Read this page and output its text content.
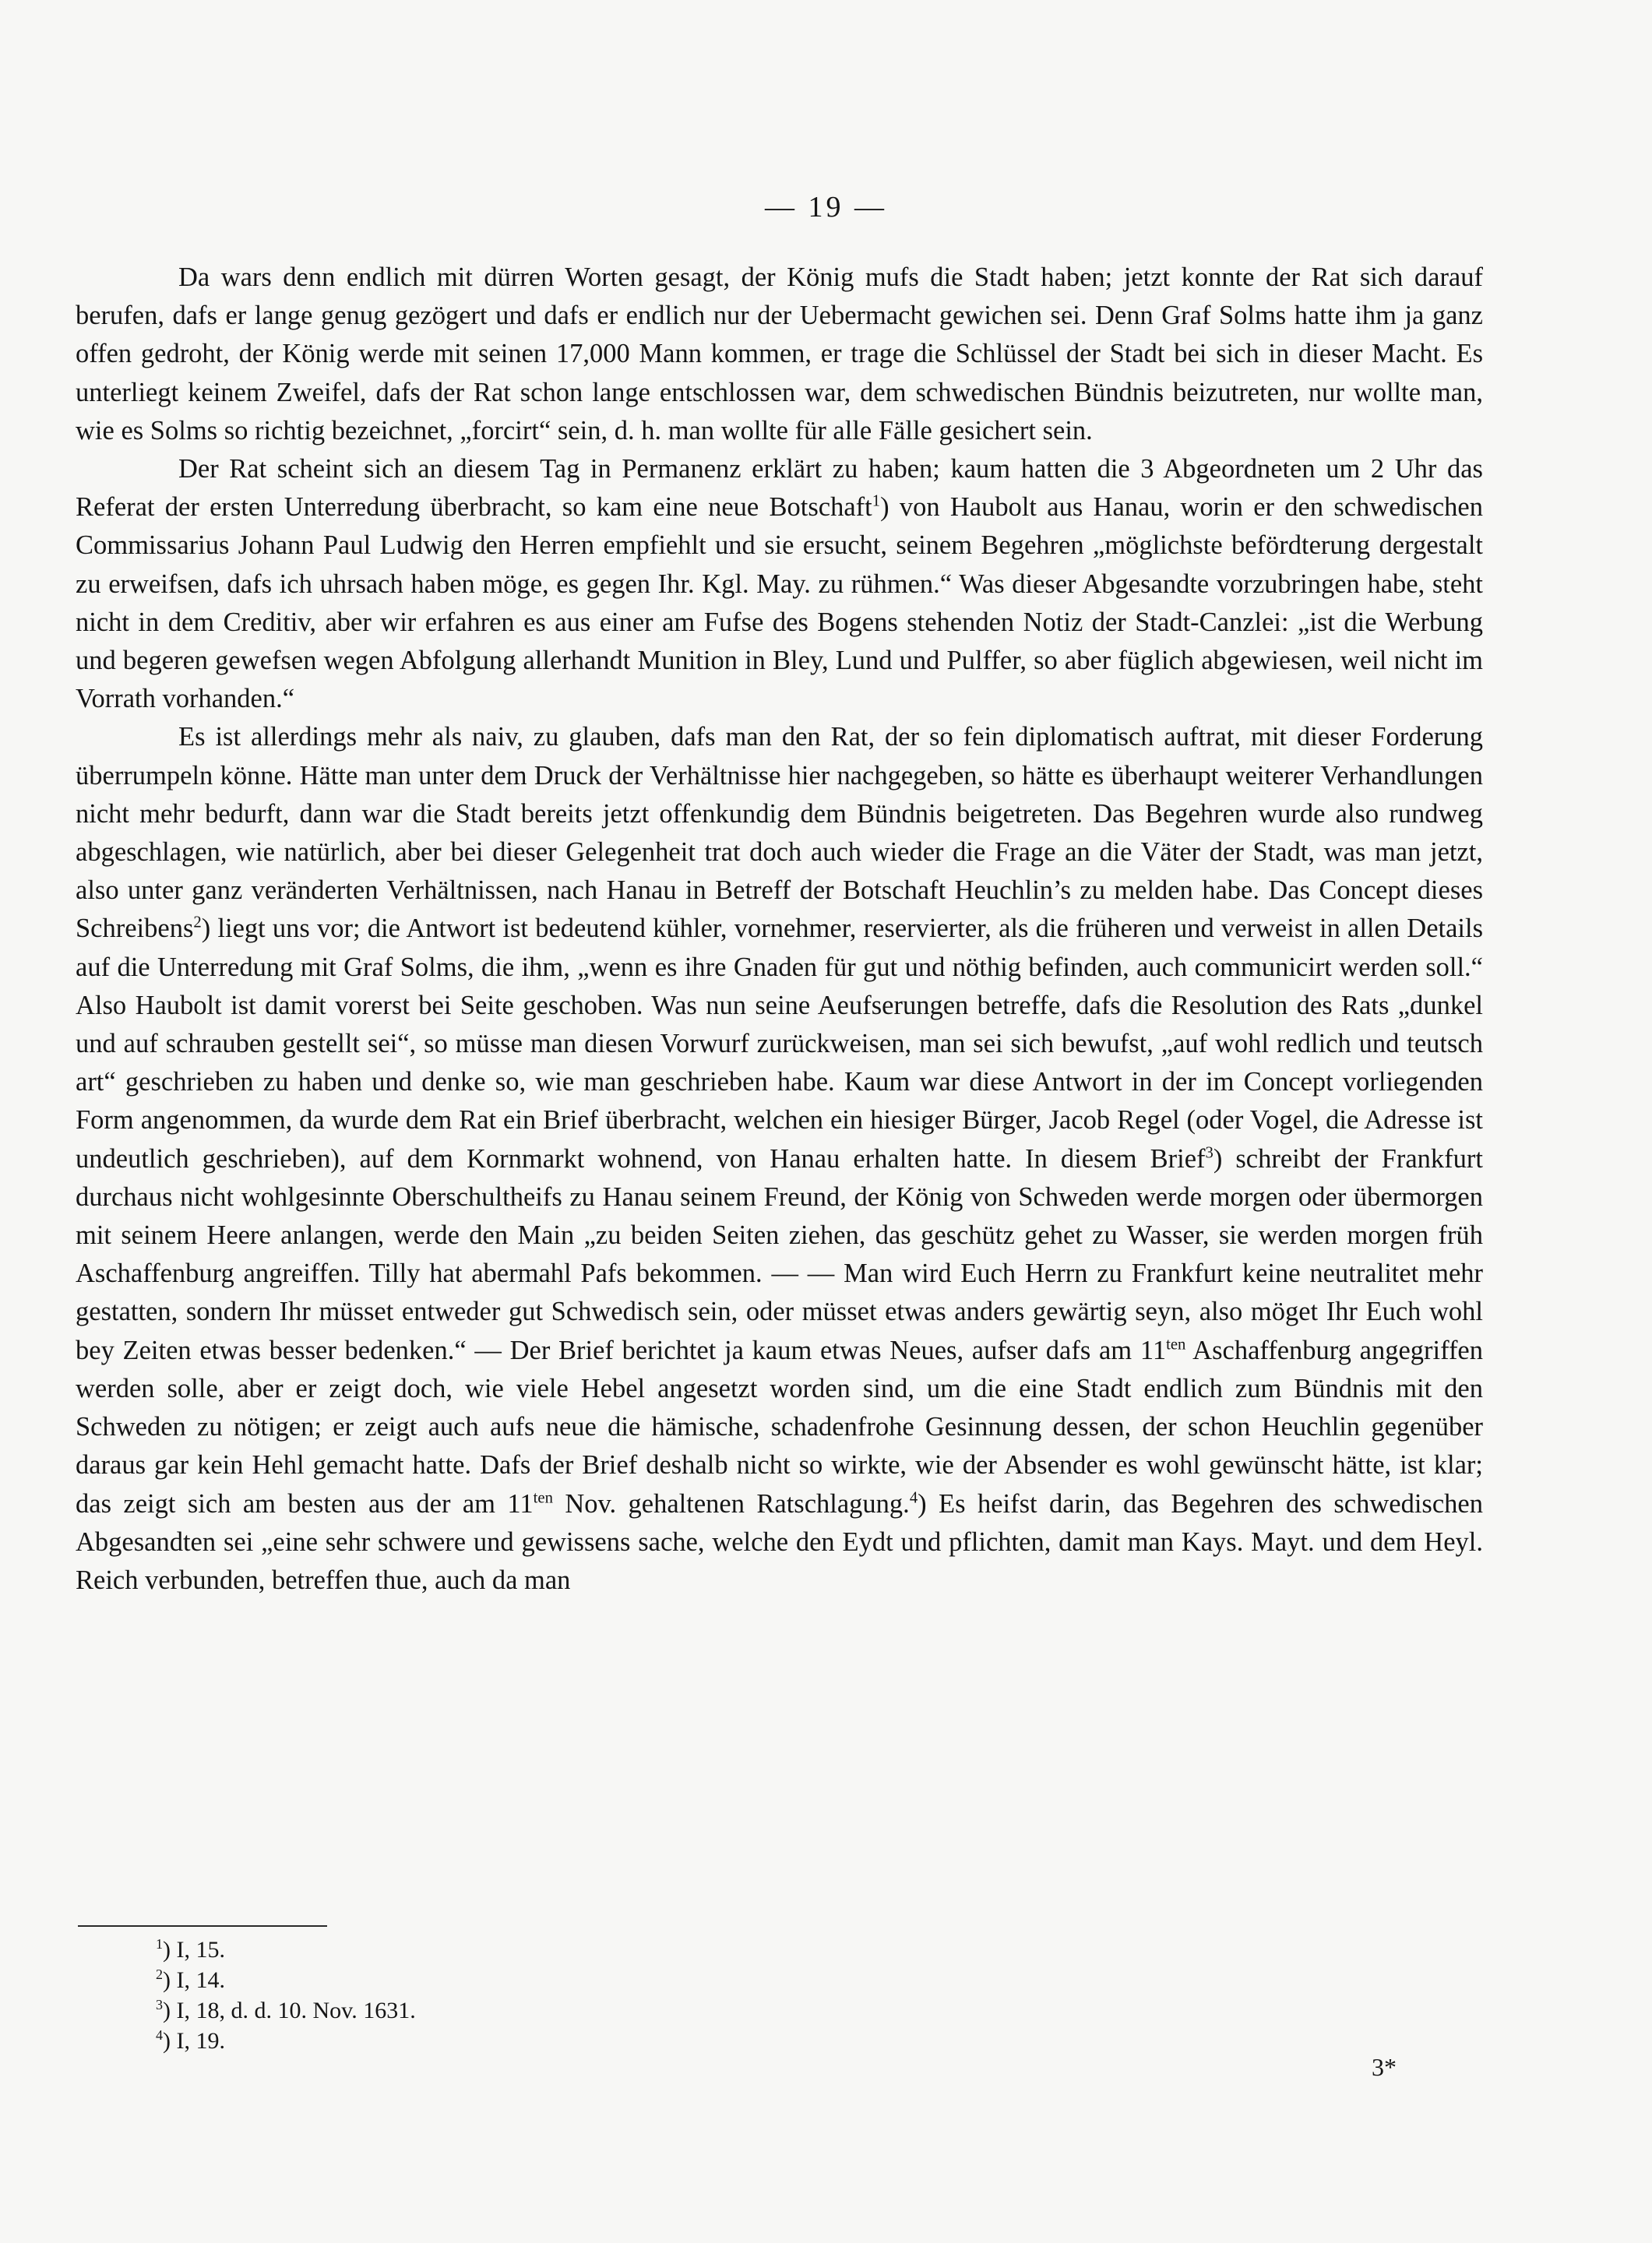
— 19 —

Da wars denn endlich mit dürren Worten gesagt, der König mufs die Stadt haben; jetzt konnte der Rat sich darauf berufen, dafs er lange genug gezögert und dafs er endlich nur der Uebermacht gewichen sei. Denn Graf Solms hatte ihm ja ganz offen gedroht, der König werde mit seinen 17,000 Mann kommen, er trage die Schlüssel der Stadt bei sich in dieser Macht. Es unterliegt keinem Zweifel, dafs der Rat schon lange entschlossen war, dem schwedischen Bündnis beizutreten, nur wollte man, wie es Solms so richtig bezeichnet, „forcirt“ sein, d. h. man wollte für alle Fälle gesichert sein.

Der Rat scheint sich an diesem Tag in Permanenz erklärt zu haben; kaum hatten die 3 Abgeordneten um 2 Uhr das Referat der ersten Unterredung überbracht, so kam eine neue Botschaft$^1$) von Haubolt aus Hanau, worin er den schwedischen Commissarius Johann Paul Ludwig den Herren empfiehlt und sie ersucht, seinem Begehren „möglichste befördterung dergestalt zu erweifsen, dafs ich uhrsach haben möge, es gegen Ihr. Kgl. May. zu rühmen.“ Was dieser Abgesandte vorzubringen habe, steht nicht in dem Creditiv, aber wir erfahren es aus einer am Fufse des Bogens stehenden Notiz der Stadt-Canzlei: „ist die Werbung und begeren gewefsen wegen Abfolgung allerhandt Munition in Bley, Lund und Pulffer, so aber füglich abgewiesen, weil nicht im Vorrath vorhanden.“

Es ist allerdings mehr als naiv, zu glauben, dafs man den Rat, der so fein diplomatisch auftrat, mit dieser Forderung überrumpeln könne. Hätte man unter dem Druck der Verhältnisse hier nachgegeben, so hätte es überhaupt weiterer Verhandlungen nicht mehr bedurft, dann war die Stadt bereits jetzt offenkundig dem Bündnis beigetreten. Das Begehren wurde also rundweg abgeschlagen, wie natürlich, aber bei dieser Gelegenheit trat doch auch wieder die Frage an die Väter der Stadt, was man jetzt, also unter ganz veränderten Verhältnissen, nach Hanau in Betreff der Botschaft Heuchlin’s zu melden habe. Das Concept dieses Schreibens$^2$) liegt uns vor; die Antwort ist bedeutend kühler, vornehmer, reservierter, als die früheren und verweist in allen Details auf die Unterredung mit Graf Solms, die ihm, „wenn es ihre Gnaden für gut und nöthig befinden, auch communicirt werden soll.“ Also Haubolt ist damit vorerst bei Seite geschoben. Was nun seine Aeufserungen betreffe, dafs die Resolution des Rats „dunkel und auf schrauben gestellt sei“, so müsse man diesen Vorwurf zurückweisen, man sei sich bewufst, „auf wohl redlich und teutsch art“ geschrieben zu haben und denke so, wie man geschrieben habe. Kaum war diese Antwort in der im Concept vorliegenden Form angenommen, da wurde dem Rat ein Brief überbracht, welchen ein hiesiger Bürger, Jacob Regel (oder Vogel, die Adresse ist undeutlich geschrieben), auf dem Kornmarkt wohnend, von Hanau erhalten hatte. In diesem Brief$^3$) schreibt der Frankfurt durchaus nicht wohlgesinnte Oberschultheifs zu Hanau seinem Freund, der König von Schweden werde morgen oder übermorgen mit seinem Heere anlangen, werde den Main „zu beiden Seiten ziehen, das geschütz gehet zu Wasser, sie werden morgen früh Aschaffenburg angreiffen. Tilly hat abermahl Pafs bekommen. — — Man wird Euch Herrn zu Frankfurt keine neutralitet mehr gestatten, sondern Ihr müsset entweder gut Schwedisch sein, oder müsset etwas anders gewärtig seyn, also möget Ihr Euch wohl bey Zeiten etwas besser bedenken.“ — Der Brief berichtet ja kaum etwas Neues, aufser dafs am $11^{ten}$ Aschaffenburg angegriffen werden solle, aber er zeigt doch, wie viele Hebel angesetzt worden sind, um die eine Stadt endlich zum Bündnis mit den Schweden zu nötigen; er zeigt auch aufs neue die hämische, schadenfrohe Gesinnung dessen, der schon Heuchlin gegenüber daraus gar kein Hehl gemacht hatte. Dafs der Brief deshalb nicht so wirkte, wie der Absender es wohl gewünscht hätte, ist klar; das zeigt sich am besten aus der am $11^{ten}$ Nov. gehaltenen Ratschlagung.$^4$) Es heifst darin, das Begehren des schwedischen Abgesandten sei „eine sehr schwere und gewissens sache, welche den Eydt und pflichten, damit man Kays. Mayt. und dem Heyl. Reich verbunden, betreffen thue, auch da man

$^1$) I, 15.
$^2$) I, 14.
$^3$) I, 18, d. d. 10. Nov. 1631.
$^4$) I, 19.
3*
